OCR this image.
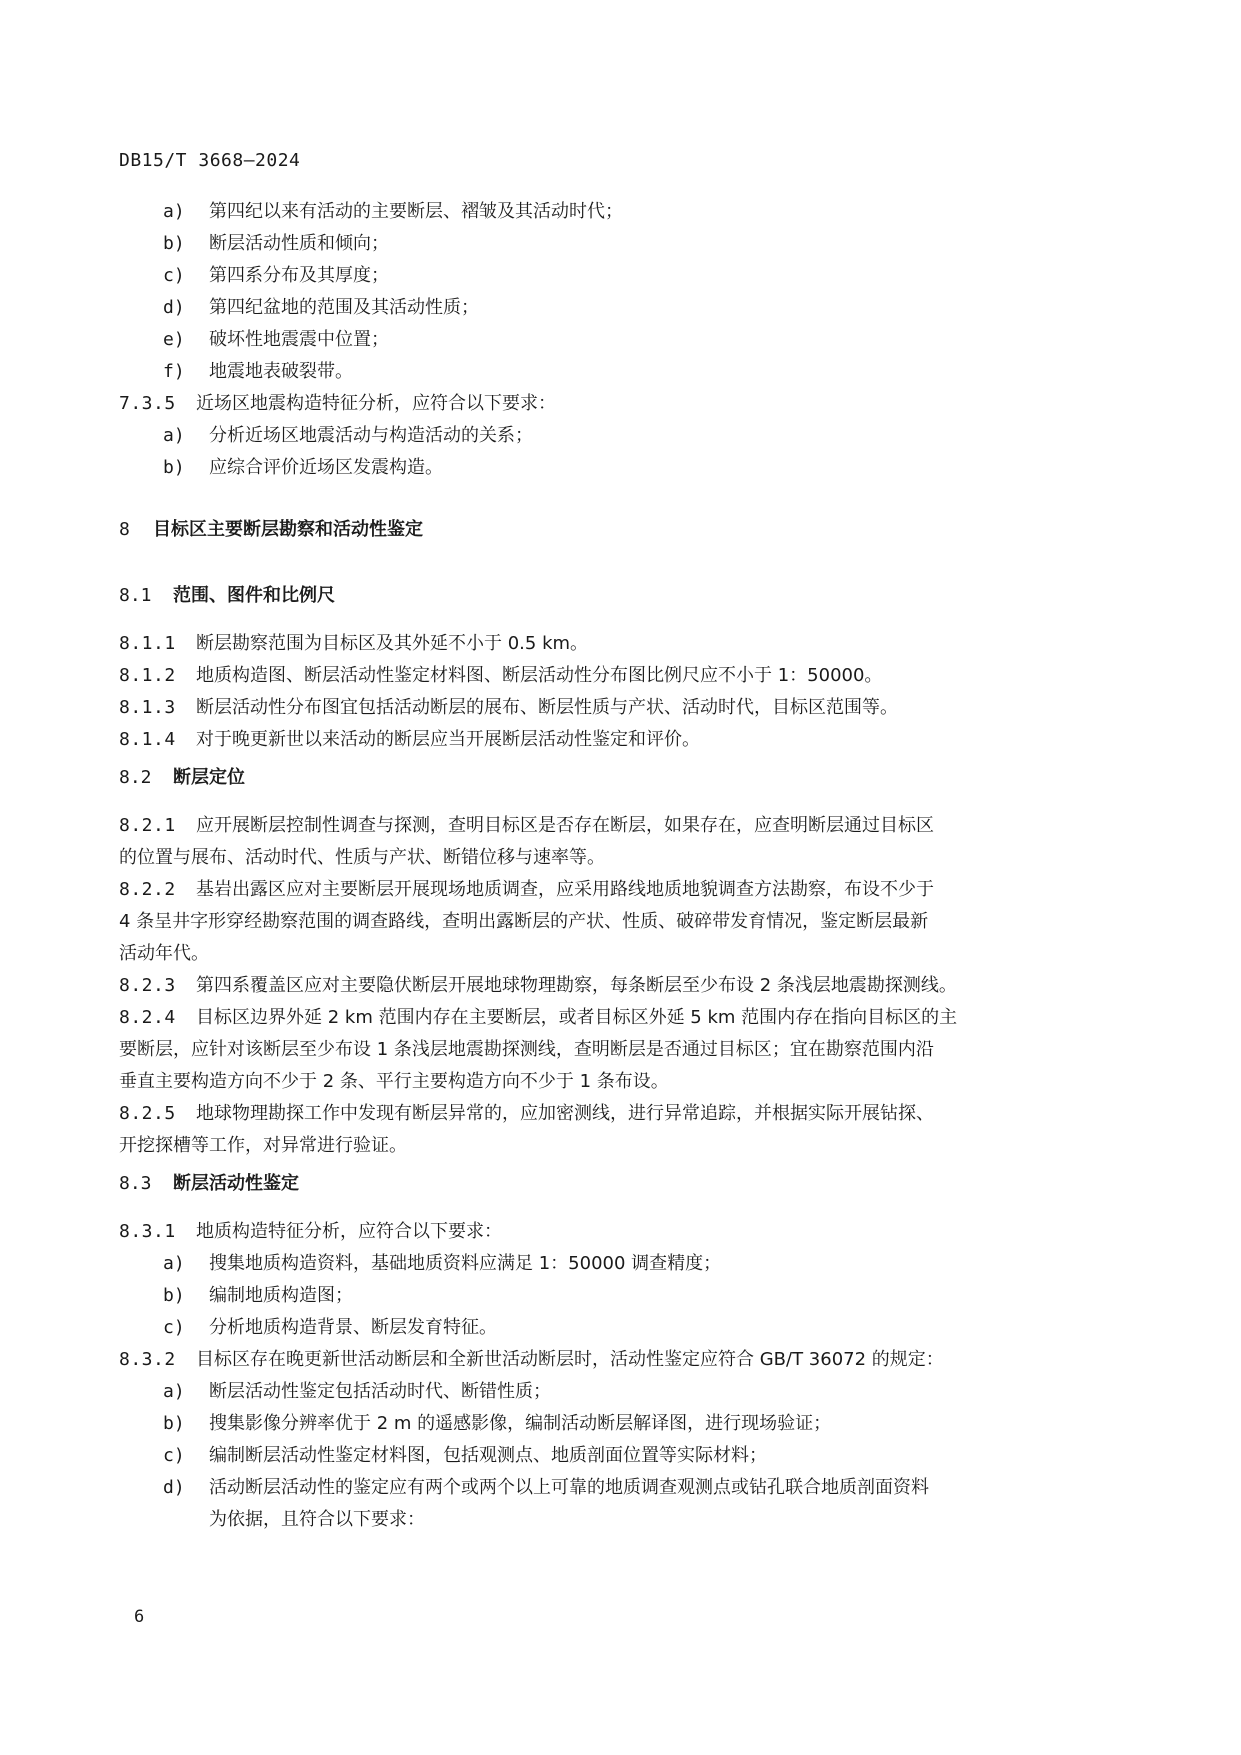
DB15/T 3668—2024
a)	第四纪以来有活动的主要断层、褶皱及其活动时代；
b)	断层活动性质和倾向；
c)	第四系分布及其厚度；
d)	第四纪盆地的范围及其活动性质；
e)	破坏性地震震中位置；
f)	地震地表破裂带。
7.3.5	近场区地震构造特征分析，应符合以下要求：
a)	分析近场区地震活动与构造活动的关系；
b)	应综合评价近场区发震构造。
8	目标区主要断层勘察和活动性鉴定
8.1	范围、图件和比例尺
8.1.1	断层勘察范围为目标区及其外延不小于 0.5 km。
8.1.2	地质构造图、断层活动性鉴定材料图、断层活动性分布图比例尺应不小于 1：50000。
8.1.3	断层活动性分布图宜包括活动断层的展布、断层性质与产状、活动时代，目标区范围等。
8.1.4	对于晚更新世以来活动的断层应当开展断层活动性鉴定和评价。
8.2	断层定位
8.2.1	应开展断层控制性调查与探测，查明目标区是否存在断层，如果存在，应查明断层通过目标区
的位置与展布、活动时代、性质与产状、断错位移与速率等。
8.2.2	基岩出露区应对主要断层开展现场地质调查，应采用路线地质地貌调查方法勘察，布设不少于
4 条呈井字形穿经勘察范围的调查路线，查明出露断层的产状、性质、破碎带发育情况，鉴定断层最新
活动年代。
8.2.3	第四系覆盖区应对主要隐伏断层开展地球物理勘察，每条断层至少布设 2 条浅层地震勘探测线。
8.2.4	目标区边界外延 2 km 范围内存在主要断层，或者目标区外延 5 km 范围内存在指向目标区的主
要断层，应针对该断层至少布设 1 条浅层地震勘探测线，查明断层是否通过目标区；宜在勘察范围内沿
垂直主要构造方向不少于 2 条、平行主要构造方向不少于 1 条布设。
8.2.5	地球物理勘探工作中发现有断层异常的，应加密测线，进行异常追踪，并根据实际开展钻探、
开挖探槽等工作，对异常进行验证。
8.3	断层活动性鉴定
8.3.1	地质构造特征分析，应符合以下要求：
a)	搜集地质构造资料，基础地质资料应满足 1：50000 调查精度；
b)	编制地质构造图；
c)	分析地质构造背景、断层发育特征。
8.3.2	目标区存在晚更新世活动断层和全新世活动断层时，活动性鉴定应符合 GB/T 36072 的规定：
a)	断层活动性鉴定包括活动时代、断错性质；
b)	搜集影像分辨率优于 2 m 的遥感影像，编制活动断层解译图，进行现场验证；
c)	编制断层活动性鉴定材料图，包括观测点、地质剖面位置等实际材料；
d)	活动断层活动性的鉴定应有两个或两个以上可靠的地质调查观测点或钻孔联合地质剖面资料
为依据，且符合以下要求：
6
